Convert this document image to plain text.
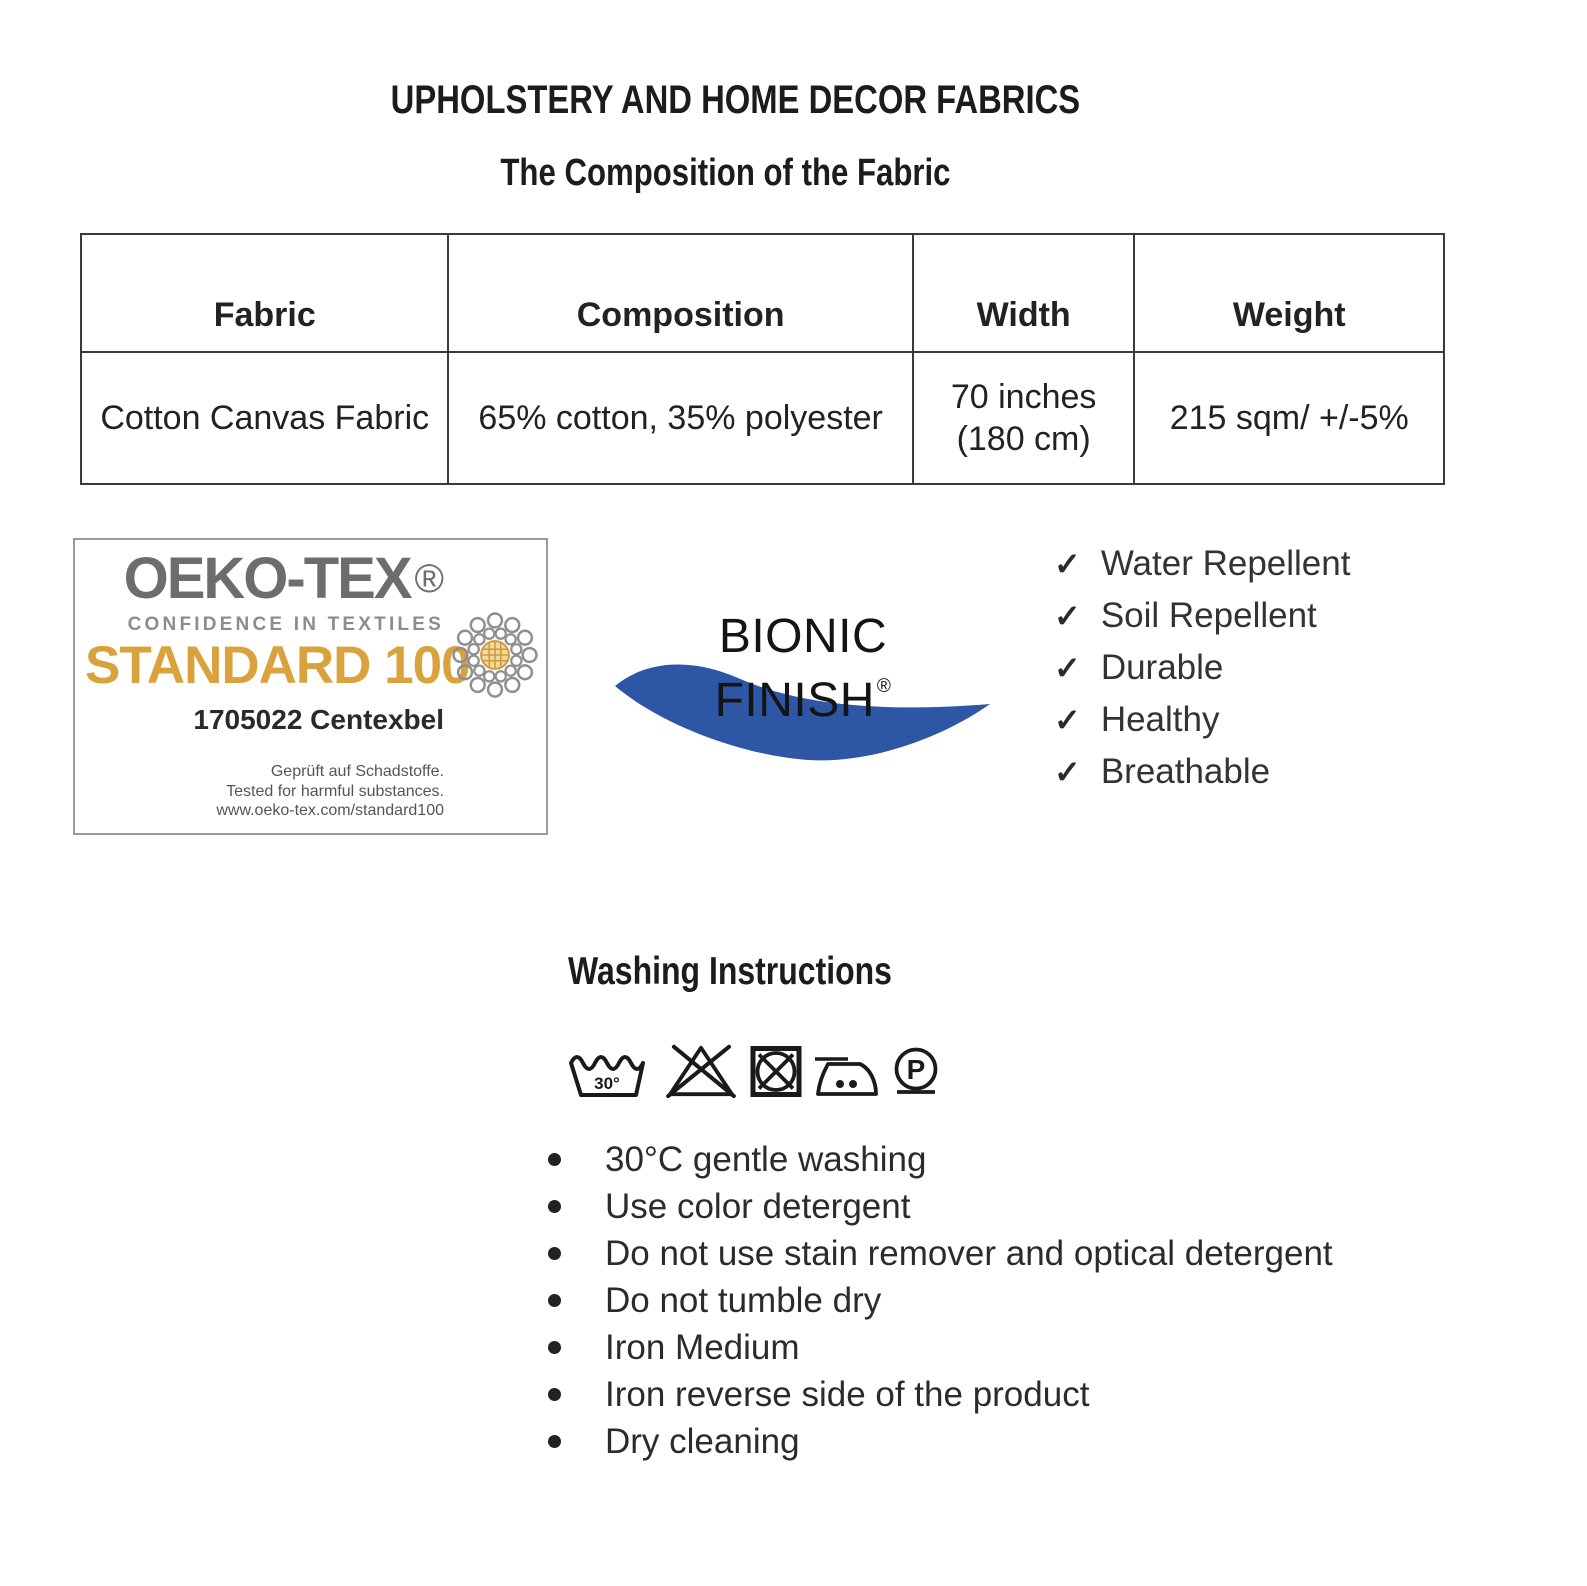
UPHOLSTERY AND HOME DECOR FABRICS
The Composition of the Fabric
Fabric	Composition	Width	Weight
Cotton Canvas Fabric	65% cotton, 35% polyester	70 inches (180 cm)	215 sqm/ +/-5%
OEKO-TEX ®
CONFIDENCE IN TEXTILES
STANDARD 100
1705022 Centexbel
Geprüft auf Schadstoffe.
Tested for harmful substances.
www.oeko-tex.com/standard100
BIONIC
FINISH ®
✓ Water Repellent
✓ Soil Repellent
✓ Durable
✓ Healthy
✓ Breathable
Washing Instructions
30°	P
30°C gentle washing
Use color detergent
Do not use stain remover and optical detergent
Do not tumble dry
Iron Medium
Iron reverse side of the product
Dry cleaning
